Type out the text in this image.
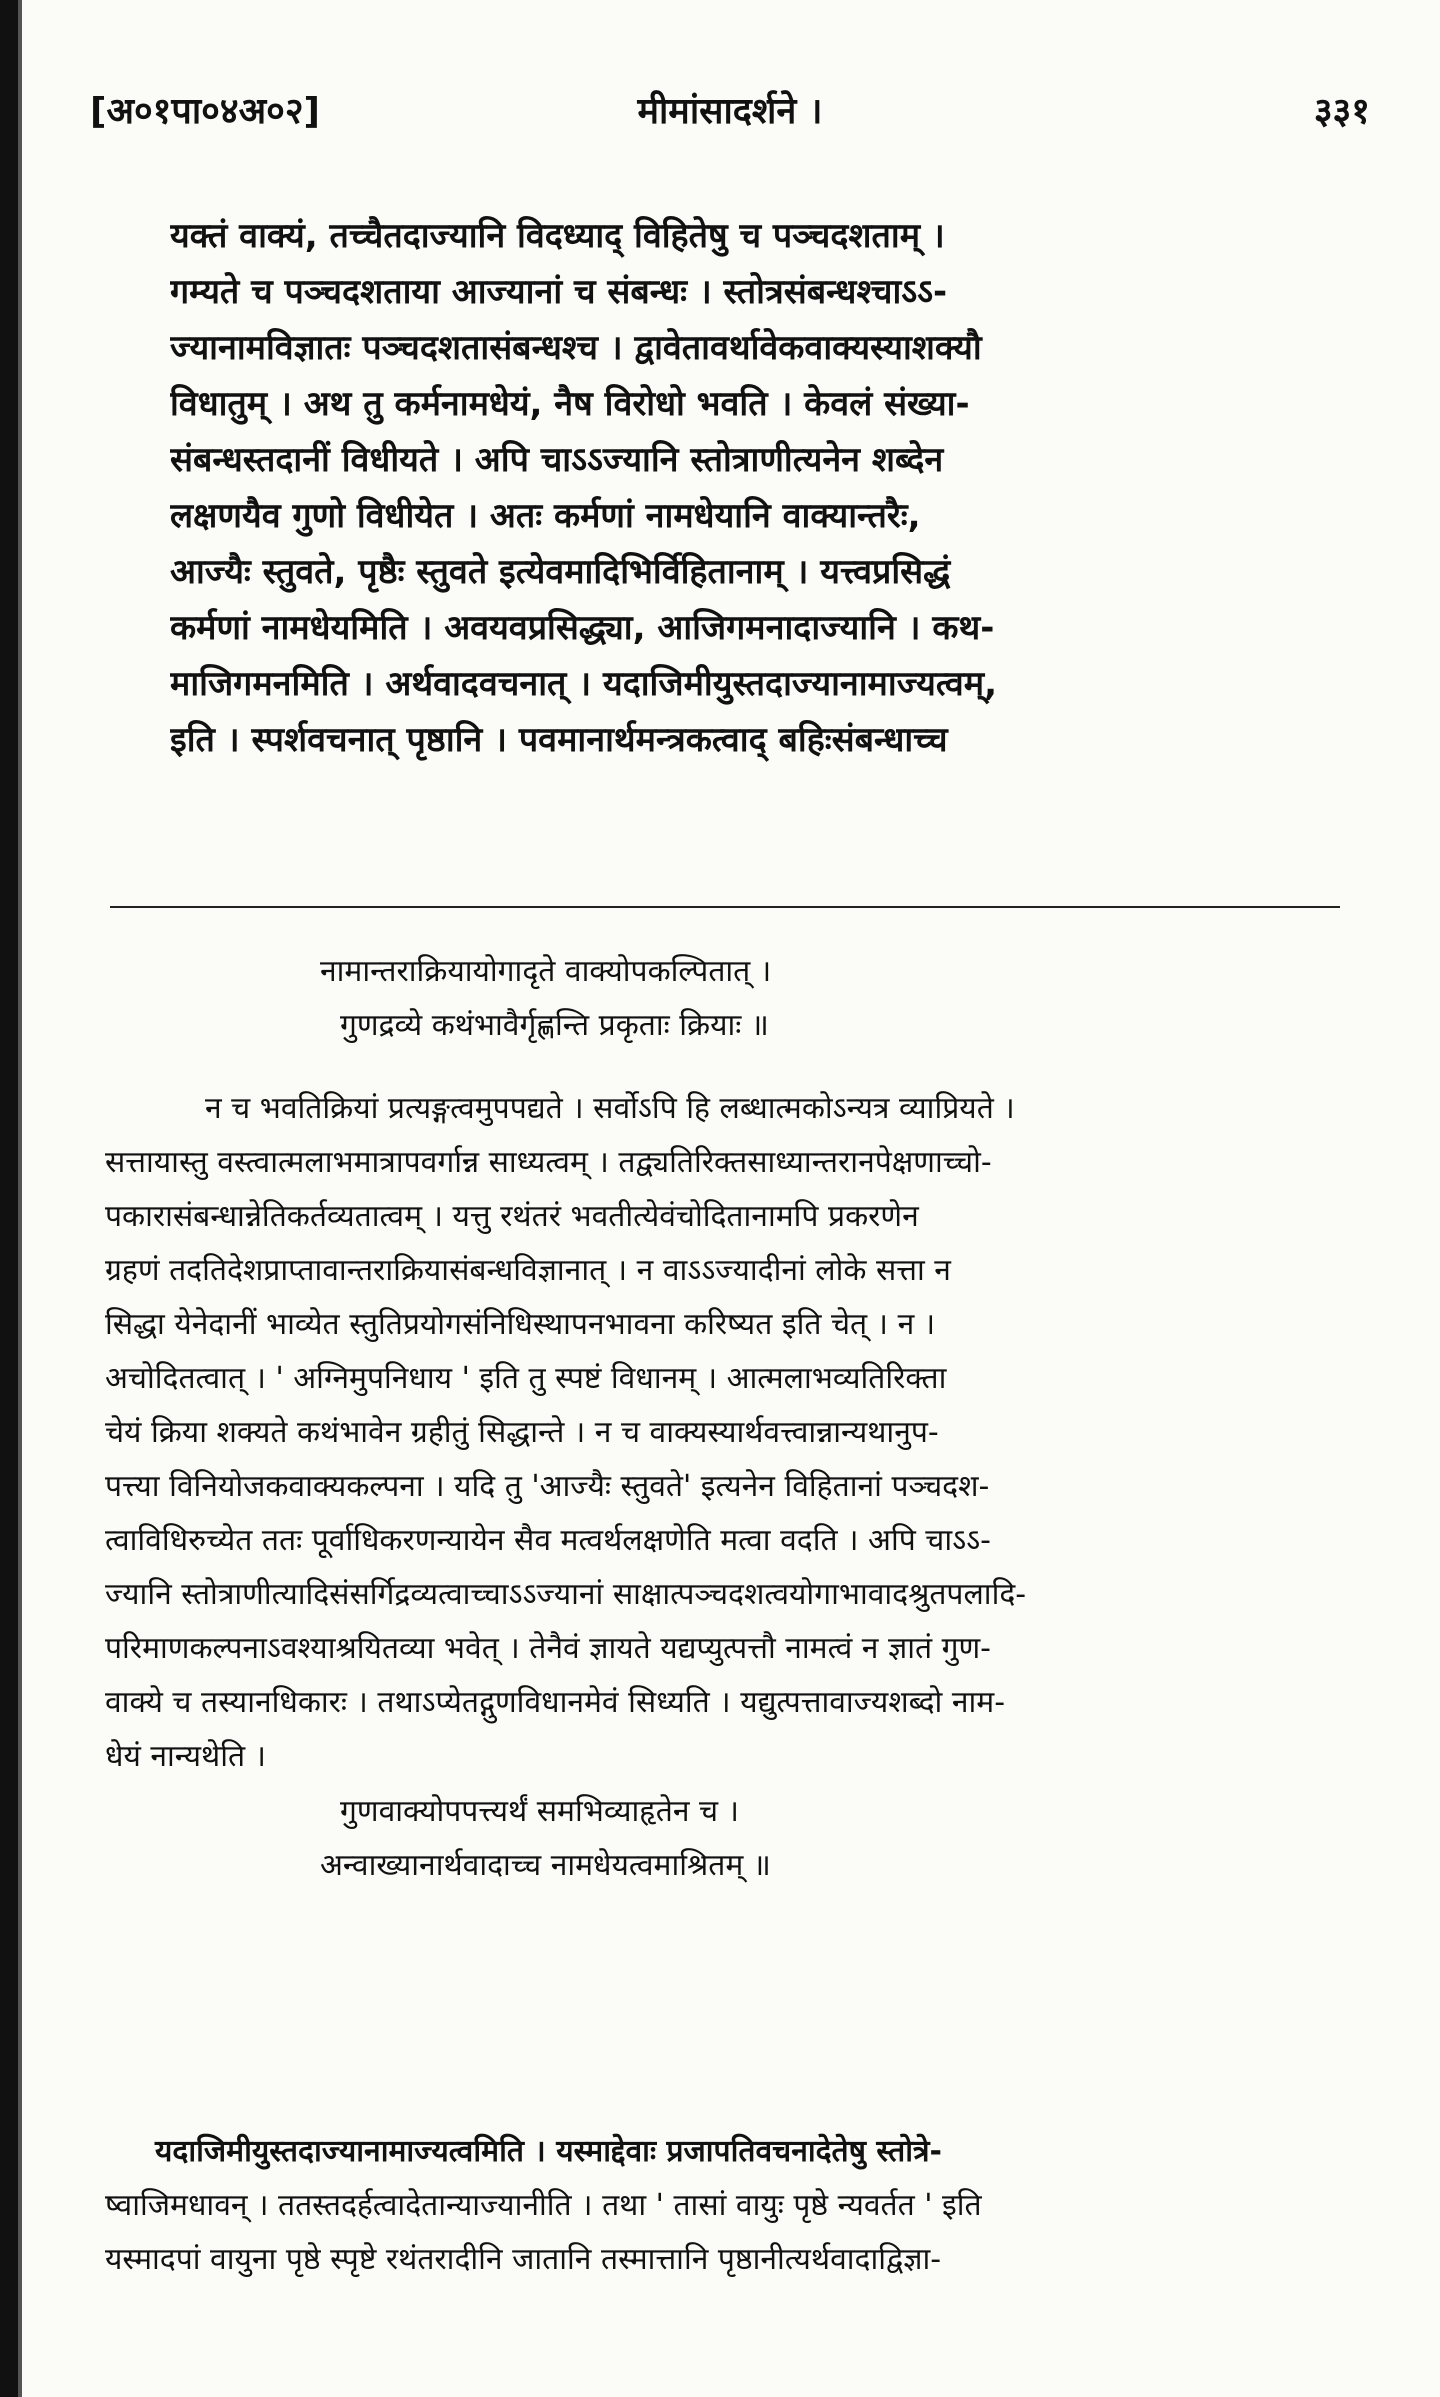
[अ०१पा०४अ०२]	मीमांसादर्शने ।	३३१
यक्तं वाक्यं, तच्चैतदाज्यानि विदध्याद् विहितेषु च पञ्चदशताम् ।
गम्यते च पञ्चदशताया आज्यानां च संबन्धः । स्तोत्रसंबन्धश्चाऽऽ-
ज्यानामविज्ञातः पञ्चदशतासंबन्धश्च । द्वावेतावर्थावेकवाक्यस्याशक्यौ
विधातुम् । अथ तु कर्मनामधेयं, नैष विरोधो भवति । केवलं संख्या-
संबन्धस्तदानीं विधीयते । अपि चाऽऽज्यानि स्तोत्राणीत्यनेन शब्देन
लक्षणयैव गुणो विधीयेत । अतः कर्मणां नामधेयानि वाक्यान्तरैः,
आज्यैः स्तुवते, पृष्ठैः स्तुवते इत्येवमादिभिर्विहितानाम् । यत्त्वप्रसिद्धं
कर्मणां नामधेयमिति । अवयवप्रसिद्ध्या, आजिगमनादाज्यानि । कथ-
माजिगमनमिति । अर्थवादवचनात् । यदाजिमीयुस्तदाज्यानामाज्यत्वम्,
इति । स्पर्शवचनात् पृष्ठानि । पवमानार्थमन्त्रकत्वाद् बहिःसंबन्धाच्च
नामान्तराक्रियायोगादृते वाक्योपकल्पितात् ।
गुणद्रव्ये कथंभावैर्गृह्णन्ति प्रकृताः क्रियाः ॥
न च भवतिक्रियां प्रत्यङ्गत्वमुपपद्यते । सर्वोऽपि हि लब्धात्मकोऽन्यत्र व्याप्रियते ।
सत्तायास्तु वस्त्वात्मलाभमात्रापवर्गान्न साध्यत्वम् । तद्व्यतिरिक्तसाध्यान्तरानपेक्षणाच्चो-
पकारासंबन्धान्नेतिकर्तव्यतात्वम् । यत्तु रथंतरं भवतीत्येवंचोदितानामपि प्रकरणेन
ग्रहणं तदतिदेशप्राप्तावान्तराक्रियासंबन्धविज्ञानात् । न वाऽऽज्यादीनां लोके सत्ता न
सिद्धा येनेदानीं भाव्येत स्तुतिप्रयोगसंनिधिस्थापनभावना करिष्यत इति चेत् । न ।
अचोदितत्वात् । ' अग्निमुपनिधाय ' इति तु स्पष्टं विधानम् । आत्मलाभव्यतिरिक्ता
चेयं क्रिया शक्यते कथंभावेन ग्रहीतुं सिद्धान्ते । न च वाक्यस्यार्थवत्त्वान्नान्यथानुप-
पत्त्या विनियोजकवाक्यकल्पना । यदि तु 'आज्यैः स्तुवते' इत्यनेन विहितानां पञ्चदश-
त्वाविधिरुच्येत ततः पूर्वाधिकरणन्यायेन सैव मत्वर्थलक्षणेति मत्वा वदति । अपि चाऽऽ-
ज्यानि स्तोत्राणीत्यादिसंसर्गिद्रव्यत्वाच्चाऽऽज्यानां साक्षात्पञ्चदशत्वयोगाभावादश्रुतपलादि-
परिमाणकल्पनाऽवश्याश्रयितव्या भवेत् । तेनैवं ज्ञायते यद्यप्युत्पत्तौ नामत्वं न ज्ञातं गुण-
वाक्ये च तस्यानधिकारः । तथाऽप्येतद्गुणविधानमेवं सिध्यति । यद्युत्पत्तावाज्यशब्दो नाम-
धेयं नान्यथेति ।
गुणवाक्योपपत्त्यर्थं समभिव्याहृतेन च ।
अन्वाख्यानार्थवादाच्च नामधेयत्वमाश्रितम् ॥
यदाजिमीयुस्तदाज्यानामाज्यत्वमिति । यस्माद्देवाः प्रजापतिवचनादेतेषु स्तोत्रे-
ष्वाजिमधावन् । ततस्तदर्हत्वादेतान्याज्यानीति । तथा ' तासां वायुः पृष्ठे न्यवर्तत ' इति
यस्मादपां वायुना पृष्ठे स्पृष्टे रथंतरादीनि जातानि तस्मात्तानि पृष्ठानीत्यर्थवादाद्विज्ञा-
